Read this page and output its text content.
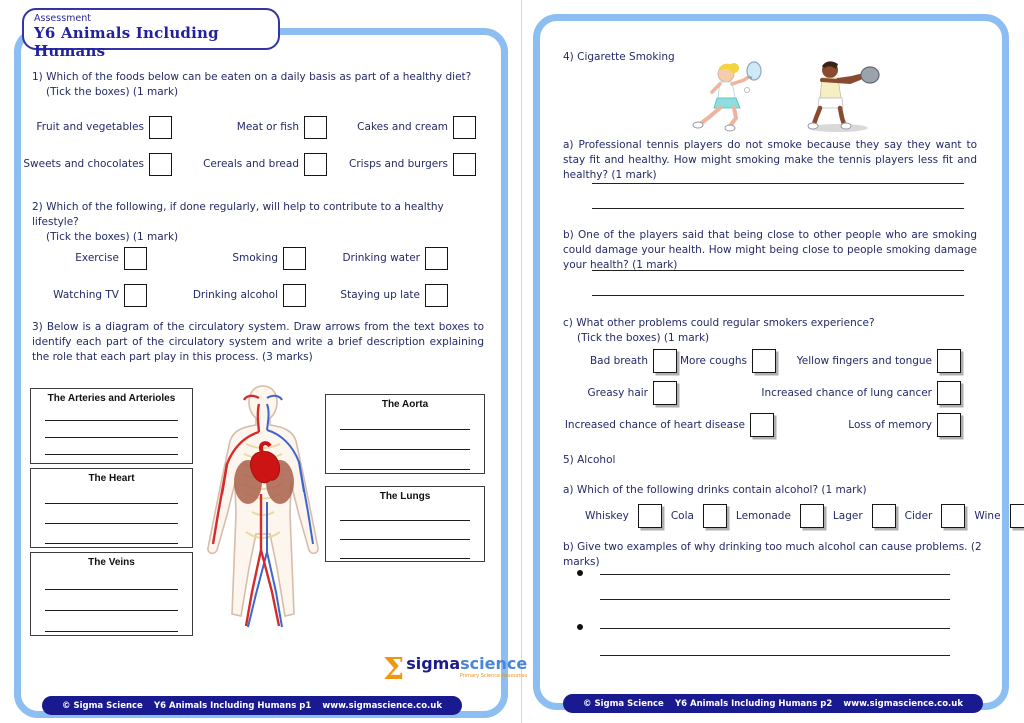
Assessment
Y6 Animals Including Humans
1) Which of the foods below can be eaten on a daily basis as part of a healthy diet?
(Tick the boxes) (1 mark)
Fruit and vegetables	Meat or fish	Cakes and cream
Sweets and chocolates	Cereals and bread	Crisps and burgers
2) Which of the following, if done regularly, will help to contribute to a healthy lifestyle?
(Tick the boxes) (1 mark)
Exercise	Smoking	Drinking water
Watching TV	Drinking alcohol	Staying up late
3) Below is a diagram of the circulatory system. Draw arrows from the text boxes to identify each part of the circulatory system and write a brief description explaining the role that each part play in this process. (3 marks)
The Arteries and Arterioles
The Heart
The Veins
The Aorta
The Lungs
Σ sigmascience
Primary Science Resources
© Sigma Science Y6 Animals Including Humans p1 www.sigmascience.co.uk
4) Cigarette Smoking
a) Professional tennis players do not smoke because they say they want to stay fit and healthy. How might smoking make the tennis players less fit and healthy? (1 mark)
b) One of the players said that being close to other people who are smoking could damage your health. How might being close to people smoking damage your health? (1 mark)
c) What other problems could regular smokers experience?
(Tick the boxes) (1 mark)
Bad breath	More coughs	Yellow fingers and tongue
Greasy hair	Increased chance of lung cancer
Increased chance of heart disease	Loss of memory
5) Alcohol
a) Which of the following drinks contain alcohol? (1 mark)
Whiskey	Cola	Lemonade	Lager	Cider	Wine
b) Give two examples of why drinking too much alcohol can cause problems. (2 marks)
© Sigma Science Y6 Animals Including Humans p2 www.sigmascience.co.uk
